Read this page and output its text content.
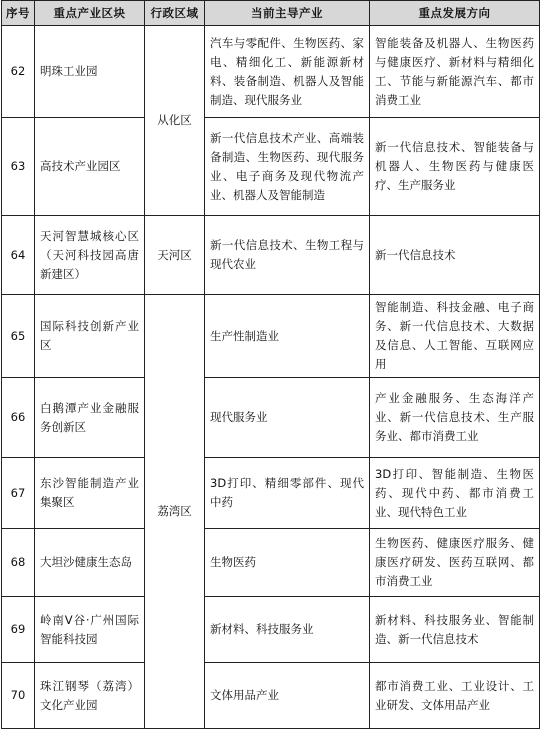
序号	重点产业区块	行政区域	当前主导产业	重点发展方向
62	明珠工业园	从化区	汽车与零配件、生物医药、家电、精细化工、新能源新材料、装备制造、机器人及智能制造、现代服务业	智能装备及机器人、生物医药与健康医疗、新材料与精细化工、节能与新能源汽车、都市消费工业
63	高技术产业园区		新一代信息技术产业、高端装备制造、生物医药、现代服务业、电子商务及现代物流产业、机器人及智能制造	新一代信息技术、智能装备与机器人、生物医药与健康医疗、生产服务业
64	天河智慧城核心区（天河科技园高唐新建区）	天河区	新一代信息技术、生物工程与现代农业	新一代信息技术
65	国际科技创新产业区	荔湾区	生产性制造业	智能制造、科技金融、电子商务、新一代信息技术、大数据及信息、人工智能、互联网应用
66	白鹅潭产业金融服务创新区		现代服务业	产业金融服务、生态海洋产业、新一代信息技术、生产服务业、都市消费工业
67	东沙智能制造产业集聚区		3D打印、精细零部件、现代中药	3D打印、智能制造、生物医药、现代中药、都市消费工业、现代特色工业
68	大坦沙健康生态岛		生物医药	生物医药、健康医疗服务、健康医疗研发、医药互联网、都市消费工业
69	岭南V谷·广州国际智能科技园		新材料、科技服务业	新材料、科技服务业、智能制造、新一代信息技术
70	珠江钢琴（荔湾）文化产业园		文体用品产业	都市消费工业、工业设计、工业研发、文体用品产业
